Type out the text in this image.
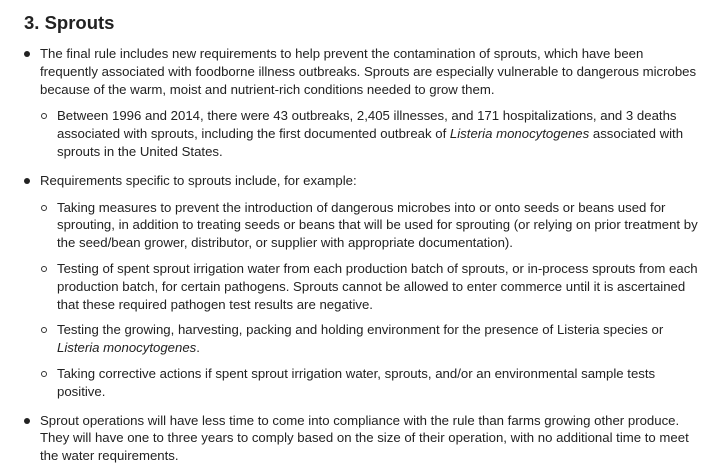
3. Sprouts
The final rule includes new requirements to help prevent the contamination of sprouts, which have been frequently associated with foodborne illness outbreaks. Sprouts are especially vulnerable to dangerous microbes because of the warm, moist and nutrient-rich conditions needed to grow them.
Between 1996 and 2014, there were 43 outbreaks, 2,405 illnesses, and 171 hospitalizations, and 3 deaths associated with sprouts, including the first documented outbreak of Listeria monocytogenes associated with sprouts in the United States.
Requirements specific to sprouts include, for example:
Taking measures to prevent the introduction of dangerous microbes into or onto seeds or beans used for sprouting, in addition to treating seeds or beans that will be used for sprouting (or relying on prior treatment by the seed/bean grower, distributor, or supplier with appropriate documentation).
Testing of spent sprout irrigation water from each production batch of sprouts, or in-process sprouts from each production batch, for certain pathogens. Sprouts cannot be allowed to enter commerce until it is ascertained that these required pathogen test results are negative.
Testing the growing, harvesting, packing and holding environment for the presence of Listeria species or Listeria monocytogenes.
Taking corrective actions if spent sprout irrigation water, sprouts, and/or an environmental sample tests positive.
Sprout operations will have less time to come into compliance with the rule than farms growing other produce. They will have one to three years to comply based on the size of their operation, with no additional time to meet the water requirements.
